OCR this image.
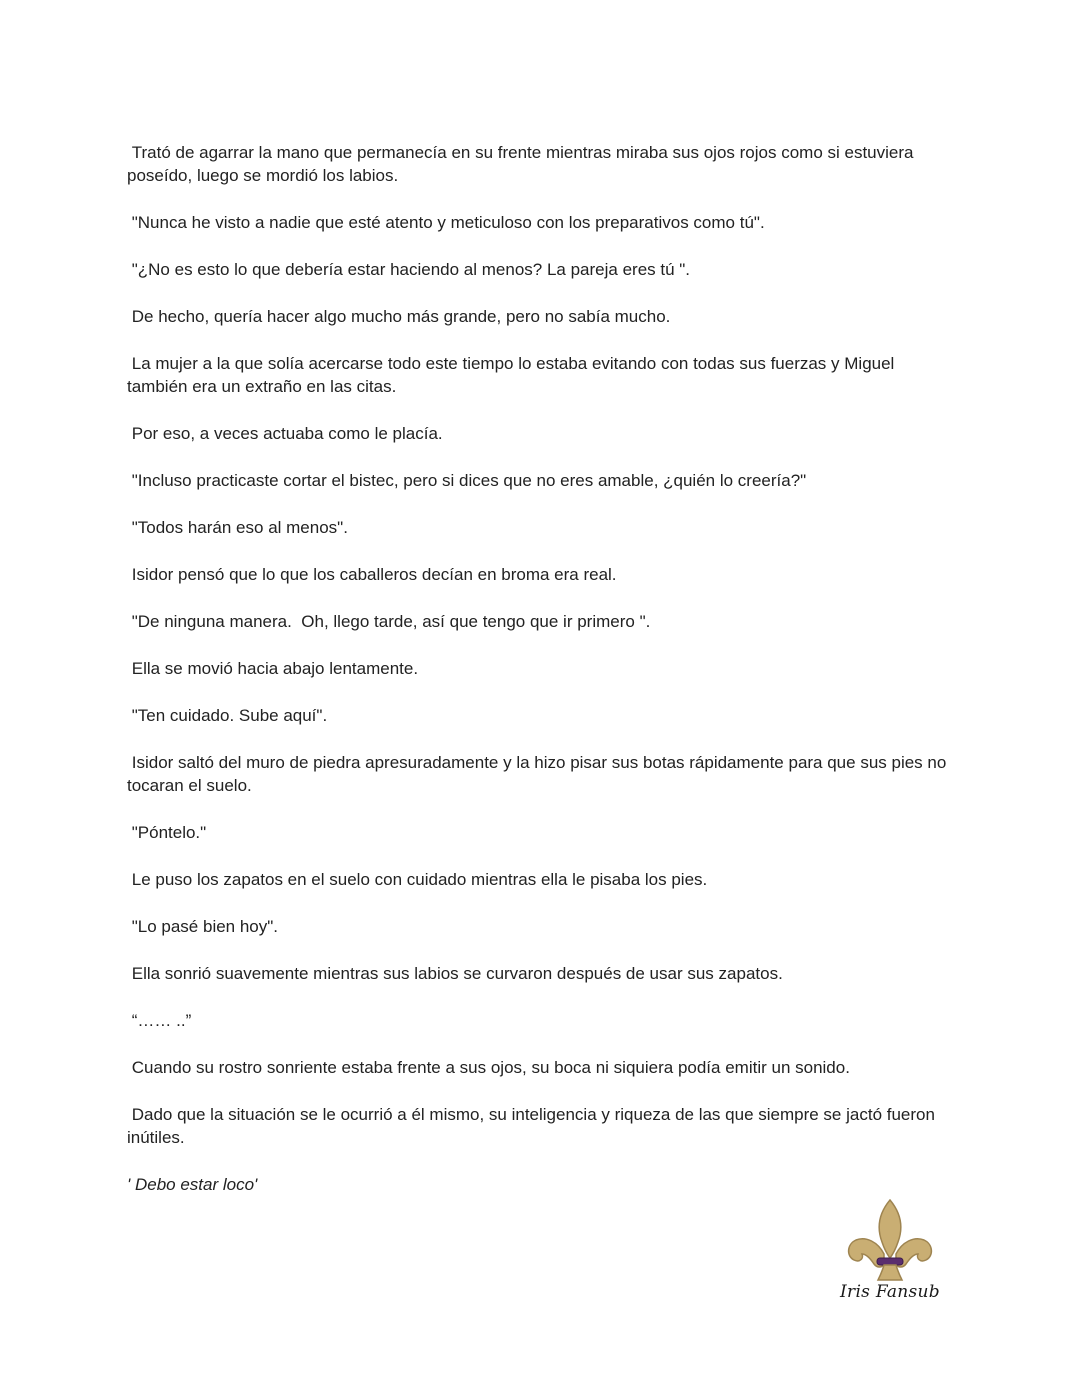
Trató de agarrar la mano que permanecía en su frente mientras miraba sus ojos rojos como si estuviera poseído, luego se mordió los labios.

"Nunca he visto a nadie que esté atento y meticuloso con los preparativos como tú".

"¿No es esto lo que debería estar haciendo al menos? La pareja eres tú ".

De hecho, quería hacer algo mucho más grande, pero no sabía mucho.

La mujer a la que solía acercarse todo este tiempo lo estaba evitando con todas sus fuerzas y Miguel también era un extraño en las citas.

Por eso, a veces actuaba como le placía.

"Incluso practicaste cortar el bistec, pero si dices que no eres amable, ¿quién lo creería?"

"Todos harán eso al menos".

Isidor pensó que lo que los caballeros decían en broma era real.

"De ninguna manera.  Oh, llego tarde, así que tengo que ir primero ".

Ella se movió hacia abajo lentamente.

"Ten cuidado. Sube aquí".

Isidor saltó del muro de piedra apresuradamente y la hizo pisar sus botas rápidamente para que sus pies no tocaran el suelo.

"Póntelo."

Le puso los zapatos en el suelo con cuidado mientras ella le pisaba los pies.

"Lo pasé bien hoy".

Ella sonrió suavemente mientras sus labios se curvaron después de usar sus zapatos.

“…… ..”

Cuando su rostro sonriente estaba frente a sus ojos, su boca ni siquiera podía emitir un sonido.

Dado que la situación se le ocurrió a él mismo, su inteligencia y riqueza de las que siempre se jactó fueron inútiles.

' Debo estar loco'

Iris Fansub
